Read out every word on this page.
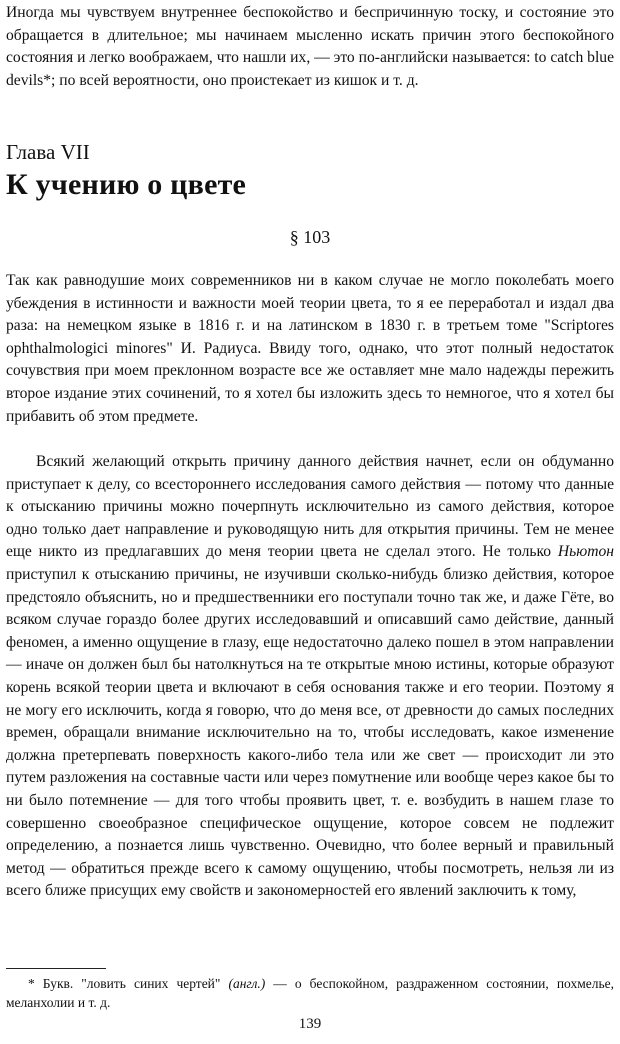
Иногда мы чувствуем внутреннее беспокойство и беспричинную тоску, и состояние это обращается в длительное; мы начинаем мысленно искать причин этого беспокойного состояния и легко воображаем, что нашли их, — это по-английски называется: to catch blue devils*; по всей вероятности, оно проистекает из кишок и т. д.

Глава VII
К учению о цвете
§ 103

Так как равнодушие моих современников ни в каком случае не могло поколебать моего убеждения в истинности и важности моей теории цвета, то я ее переработал и издал два раза: на немецком языке в 1816 г. и на латинском в 1830 г. в третьем томе "Scriptores ophthalmologici minores" И. Радиуса. Ввиду того, однако, что этот полный недостаток сочувствия при моем преклонном возрасте все же оставляет мне мало надежды пережить второе издание этих сочинений, то я хотел бы изложить здесь то немногое, что я хотел бы прибавить об этом предмете.

Всякий желающий открыть причину данного действия начнет, если он обдуманно приступает к делу, со всестороннего исследования самого действия — потому что данные к отысканию причины можно почерпнуть исключительно из самого действия, которое одно только дает направление и руководящую нить для открытия причины. Тем не менее еще никто из предлагавших до меня теории цвета не сделал этого. Не только Ньютон приступил к отысканию причины, не изучивши сколько-нибудь близко действия, которое предстояло объяснить, но и предшественники его поступали точно так же, и даже Гёте, во всяком случае гораздо более других исследовавший и описавший само действие, данный феномен, а именно ощущение в глазу, еще недостаточно далеко пошел в этом направлении — иначе он должен был бы натолкнуться на те открытые мною истины, которые образуют корень всякой теории цвета и включают в себя основания также и его теории. Поэтому я не могу его исключить, когда я говорю, что до меня все, от древности до самых последних времен, обращали внимание исключительно на то, чтобы исследовать, какое изменение должна претерпевать поверхность какого-либо тела или же свет — происходит ли это путем разложения на составные части или через помутнение или вообще через какое бы то ни было потемнение — для того чтобы проявить цвет, т. е. возбудить в нашем глазе то совершенно своеобразное специфическое ощущение, которое совсем не подлежит определению, а познается лишь чувственно. Очевидно, что более верный и правильный метод — обратиться прежде всего к самому ощущению, чтобы посмотреть, нельзя ли из всего ближе присущих ему свойств и закономерностей его явлений заключить к тому,

* Букв. "ловить синих чертей" (англ.) — о беспокойном, раздраженном состоянии, похмелье, меланхолии и т. д.

139
